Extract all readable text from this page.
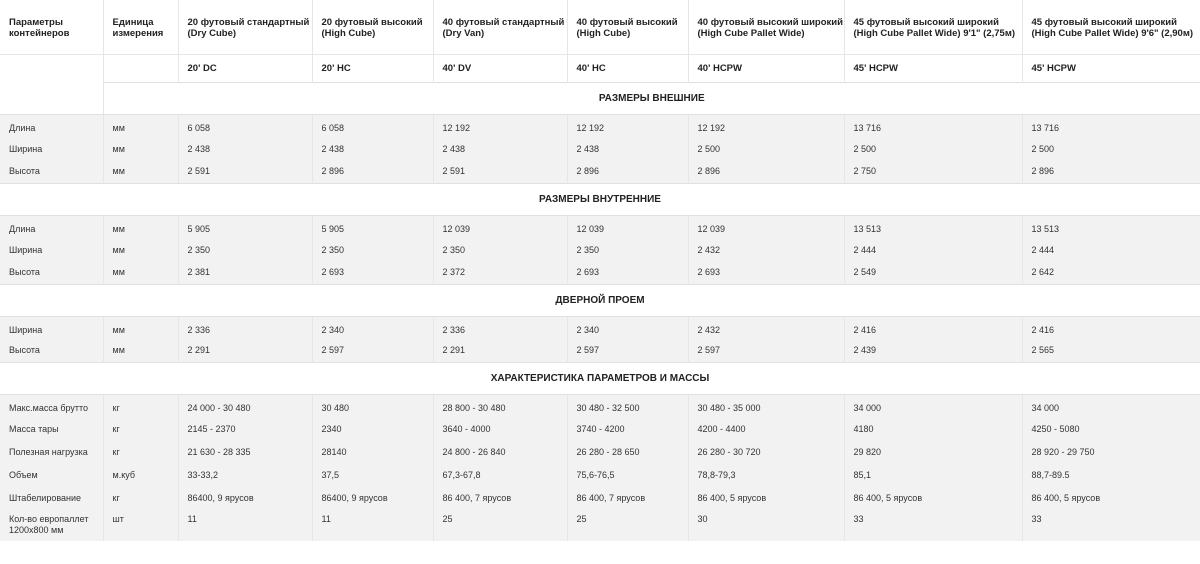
Параметры контейнеров	Единица измерения	20 футовый стандартный (Dry Cube)	20 футовый высокий (High Cube)	40 футовый стандартный (Dry Van)	40 футовый высокий (High Cube)	40 футовый высокий широкий (High Cube Pallet Wide)	45 футовый высокий широкий (High Cube Pallet Wide) 9'1" (2,75м)	45 футовый высокий широкий (High Cube Pallet Wide) 9'6" (2,90м)
		20' DC	20' HC	40' DV	40' HC	40' HCPW	45' HCPW	45' HCPW
	РАЗМЕРЫ ВНЕШНИЕ							
Длина	мм	6 058	6 058	12 192	12 192	12 192	13 716	13 716
Ширина	мм	2 438	2 438	2 438	2 438	2 500	2 500	2 500
Высота	мм	2 591	2 896	2 591	2 896	2 896	2 750	2 896
РАЗМЕРЫ ВНУТРЕННИЕ								
Длина	мм	5 905	5 905	12 039	12 039	12 039	13 513	13 513
Ширина	мм	2 350	2 350	2 350	2 350	2 432	2 444	2 444
Высота	мм	2 381	2 693	2 372	2 693	2 693	2 549	2 642
ДВЕРНОЙ ПРОЕМ								
Ширина	мм	2 336	2 340	2 336	2 340	2 432	2 416	2 416
Высота	мм	2 291	2 597	2 291	2 597	2 597	2 439	2 565
ХАРАКТЕРИСТИКА ПАРАМЕТРОВ И МАССЫ								
Макс.масса брутто	кг	24 000 - 30 480	30 480	28 800 - 30 480	30 480 - 32 500	30 480 - 35 000	34 000	34 000
Масса тары	кг	2145 - 2370	2340	3640 - 4000	3740 - 4200	4200 - 4400	4180	4250 - 5080
Полезная нагрузка	кг	21 630 - 28 335	28140	24 800 - 26 840	26 280 - 28 650	26 280 - 30 720	29 820	28 920 - 29 750
Объем	м.куб	33-33,2	37,5	67,3-67,8	75,6-76,5	78,8-79,3	85,1	88,7-89.5
Штабелирование	кг	86400, 9 ярусов	86400, 9 ярусов	86 400, 7 ярусов	86 400, 7 ярусов	86 400, 5 ярусов	86 400, 5 ярусов	86 400, 5 ярусов
Кол-во европаллет 1200х800 мм	шт	11	11	25	25	30	33	33
